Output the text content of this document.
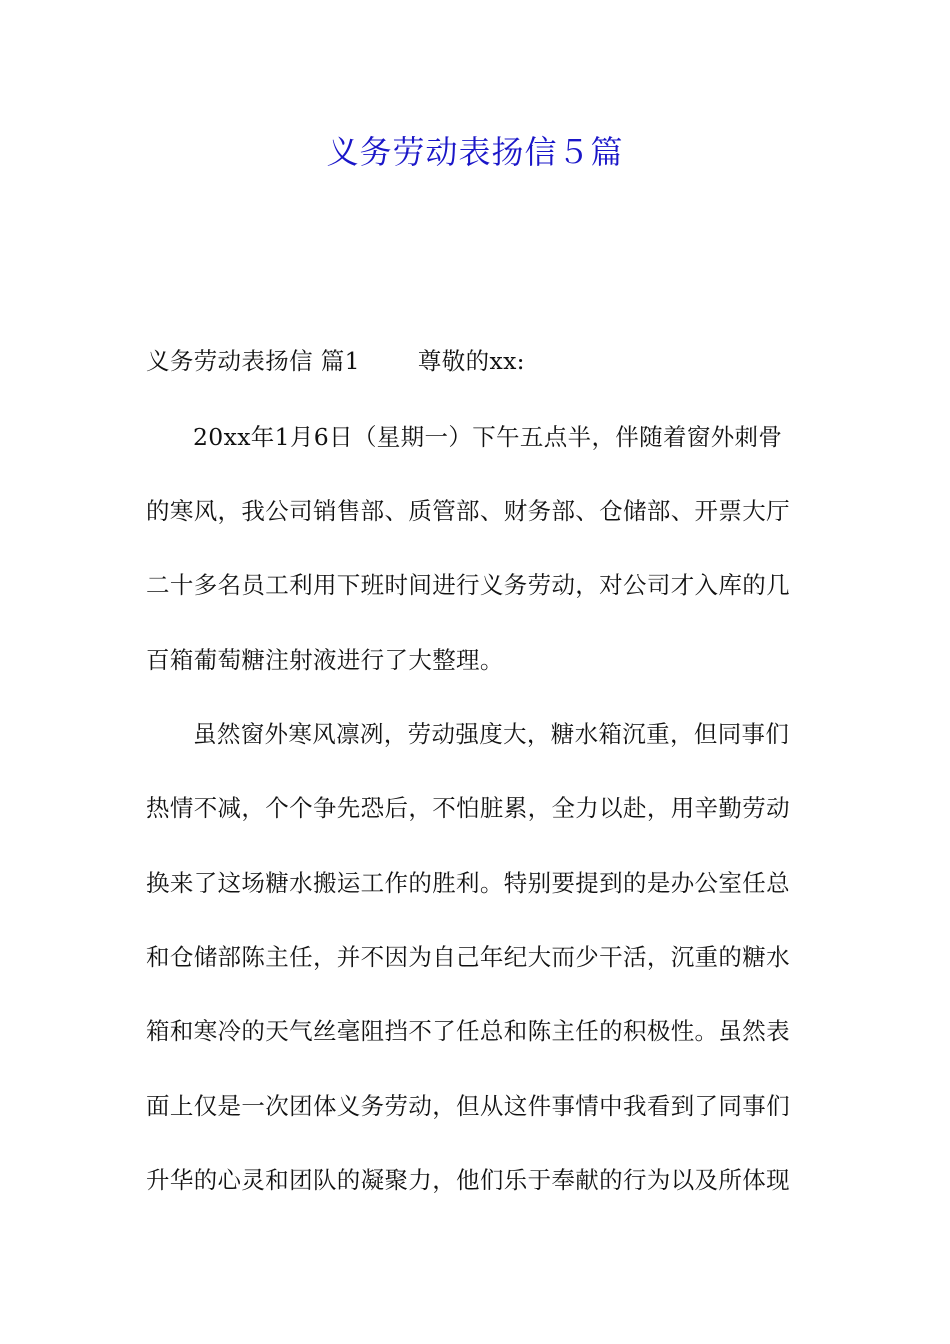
义务劳动表扬信５篇
义务劳动表扬信 篇1 尊敬的xx:
20xx年1月6日（星期一）下午五点半，伴随着窗外刺骨
的寒风，我公司销售部、质管部、财务部、仓储部、开票大厅
二十多名员工利用下班时间进行义务劳动，对公司才入库的几
百箱葡萄糖注射液进行了大整理。
虽然窗外寒风凛冽，劳动强度大，糖水箱沉重，但同事们
热情不减，个个争先恐后，不怕脏累，全力以赴，用辛勤劳动
换来了这场糖水搬运工作的胜利。特别要提到的是办公室任总
和仓储部陈主任，并不因为自己年纪大而少干活，沉重的糖水
箱和寒冷的天气丝毫阻挡不了任总和陈主任的积极性。虽然表
面上仅是一次团体义务劳动，但从这件事情中我看到了同事们
升华的心灵和团队的凝聚力，他们乐于奉献的行为以及所体现
